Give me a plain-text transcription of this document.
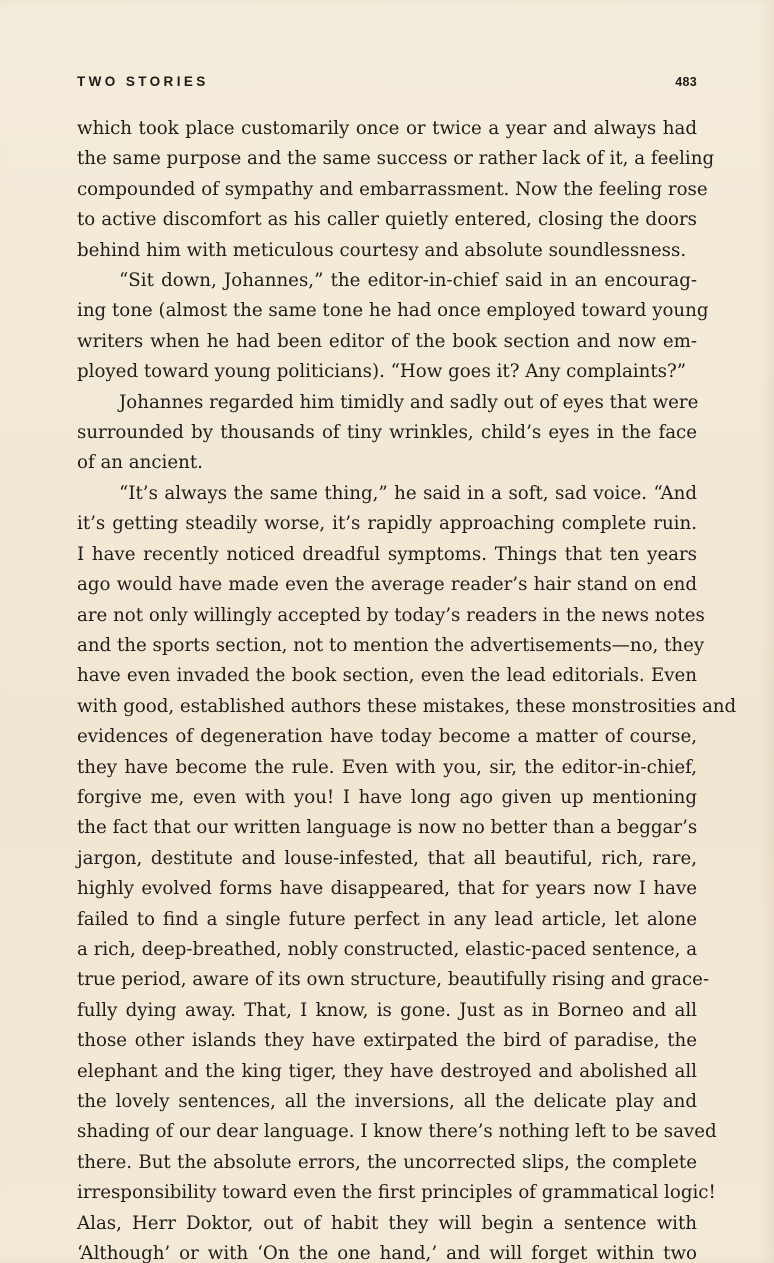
TWO STORIES	483

which took place customarily once or twice a year and always had
the same purpose and the same success or rather lack of it, a feeling
compounded of sympathy and embarrassment. Now the feeling rose
to active discomfort as his caller quietly entered, closing the doors
behind him with meticulous courtesy and absolute soundlessness.

“Sit down, Johannes,” the editor-in-chief said in an encourag-
ing tone (almost the same tone he had once employed toward young
writers when he had been editor of the book section and now em-
ployed toward young politicians). “How goes it? Any complaints?”

Johannes regarded him timidly and sadly out of eyes that were
surrounded by thousands of tiny wrinkles, child’s eyes in the face
of an ancient.

“It’s always the same thing,” he said in a soft, sad voice. “And
it’s getting steadily worse, it’s rapidly approaching complete ruin.
I have recently noticed dreadful symptoms. Things that ten years
ago would have made even the average reader’s hair stand on end
are not only willingly accepted by today’s readers in the news notes
and the sports section, not to mention the advertisements—no, they
have even invaded the book section, even the lead editorials. Even
with good, established authors these mistakes, these monstrosities and
evidences of degeneration have today become a matter of course,
they have become the rule. Even with you, sir, the editor-in-chief,
forgive me, even with you! I have long ago given up mentioning
the fact that our written language is now no better than a beggar’s
jargon, destitute and louse-infested, that all beautiful, rich, rare,
highly evolved forms have disappeared, that for years now I have
failed to find a single future perfect in any lead article, let alone
a rich, deep-breathed, nobly constructed, elastic-paced sentence, a
true period, aware of its own structure, beautifully rising and grace-
fully dying away. That, I know, is gone. Just as in Borneo and all
those other islands they have extirpated the bird of paradise, the
elephant and the king tiger, they have destroyed and abolished all
the lovely sentences, all the inversions, all the delicate play and
shading of our dear language. I know there’s nothing left to be saved
there. But the absolute errors, the uncorrected slips, the complete
irresponsibility toward even the first principles of grammatical logic!
Alas, Herr Doktor, out of habit they will begin a sentence with
‘Although’ or with ‘On the one hand,’ and will forget within two
